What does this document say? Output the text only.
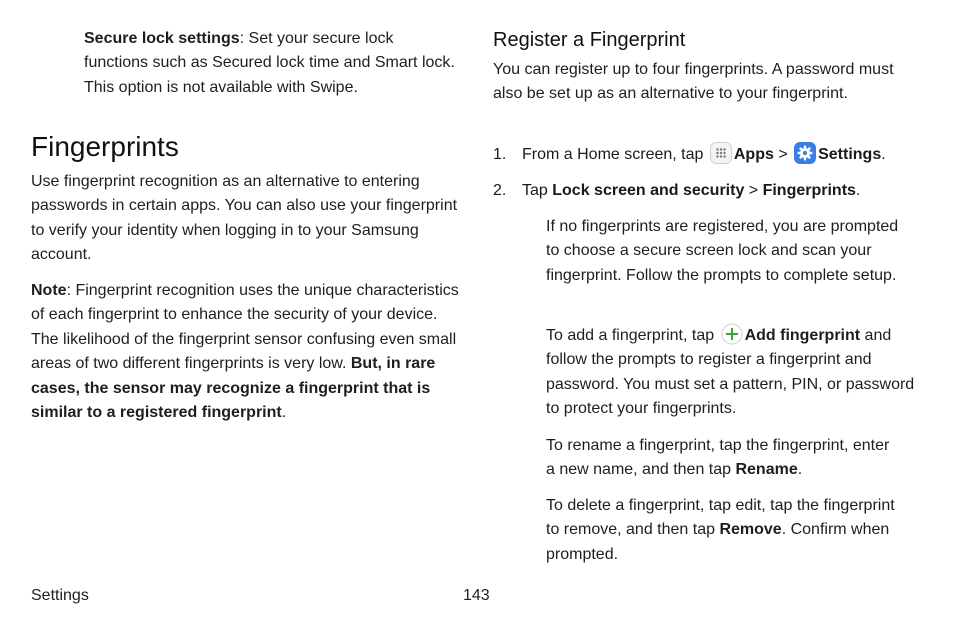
Secure lock settings: Set your secure lock functions such as Secured lock time and Smart lock. This option is not available with Swipe.

Fingerprints

Use fingerprint recognition as an alternative to entering passwords in certain apps. You can also use your fingerprint to verify your identity when logging in to your Samsung account.

Note: Fingerprint recognition uses the unique characteristics of each fingerprint to enhance the security of your device. The likelihood of the fingerprint sensor confusing even small areas of two different fingerprints is very low. But, in rare cases, the sensor may recognize a fingerprint that is similar to a registered fingerprint.

Register a Fingerprint

You can register up to four fingerprints. A password must also be set up as an alternative to your fingerprint.

1. From a Home screen, tap Apps > Settings.
2. Tap Lock screen and security > Fingerprints.

If no fingerprints are registered, you are prompted to choose a secure screen lock and scan your fingerprint. Follow the prompts to complete setup.

To add a fingerprint, tap Add fingerprint and follow the prompts to register a fingerprint and password. You must set a pattern, PIN, or password to protect your fingerprints.

To rename a fingerprint, tap the fingerprint, enter a new name, and then tap Rename.

To delete a fingerprint, tap edit, tap the fingerprint to remove, and then tap Remove. Confirm when prompted.

Settings	143
